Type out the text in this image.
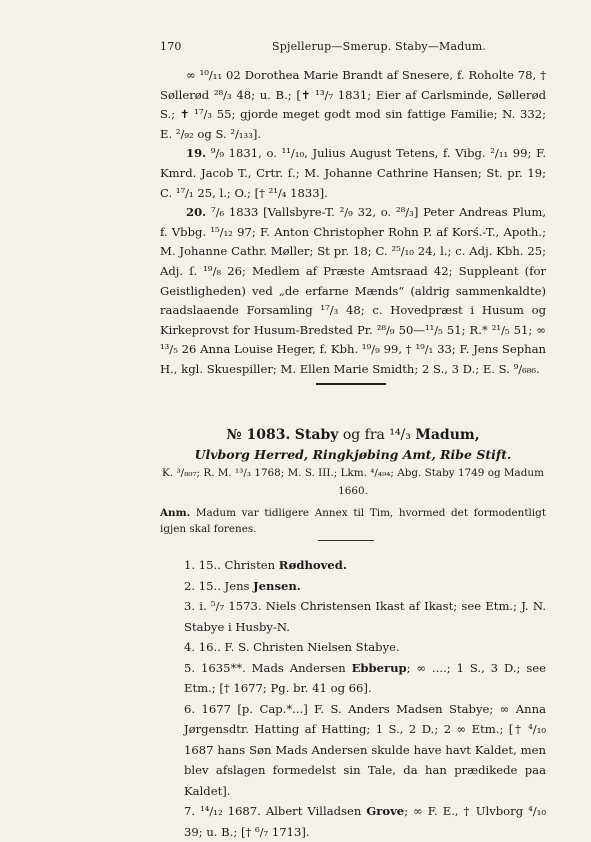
170	Spjellerup—Smerup. Staby—Madum.

∞ ¹⁰/₁₁ 02 Dorothea Marie Brandt af Snesere, f. Roholte 78, † Søllerød ²⁸/₃ 48; u. B.; [✝ ¹³/₇ 1831; Eier af Carlsminde, Søllerød S.; ✝ ¹⁷/₃ 55; gjorde meget godt mod sin fattige Familie; N. 332; E. ²/₉₂ og S. ²/₁₃₃].

19. ⁹/₉ 1831, o. ¹¹/₁₀, Julius August Tetens, f. Vibg. ²/₁₁ 99; F. Kmrd. Jacob T., Crtr. ſ.; M. Johanne Cathrine Hansen; St. pr. 19; C. ¹⁷/₁ 25, l.; O.; [† ²¹/₄ 1833].

20. ⁷/₆ 1833 [Vallsbyre-T. ²/₉ 32, o. ²⁸/₃] Peter Andreas Plum, f. Vbbg. ¹⁵/₁₂ 97; F. Anton Christopher Rohn P. af Korś.-T., Apoth.; M. Johanne Cathr. Møller; St pr. 18; C. ²⁵/₁₀ 24, l.; c. Adj. Kbh. 25; Adj. ſ. ¹⁹/₈ 26; Medlem af Præste Amtsraad 42; Suppleant (for Geistligheden) ved „de erfarne Mænds“ (aldrig sammenkaldte) raadslaaende Forsamling ¹⁷/₃ 48; c. Hovedpræst i Husum og Kirkeprovst for Husum-Bredsted Pr. ²⁸/₉ 50—¹¹/₅ 51; R.* ²¹/₅ 51; ∞ ¹³/₅ 26 Anna Louise Heger, f. Kbh. ¹⁹/₉ 99, † ¹⁹/₁ 33; F. Jens Sephan H., kgl. Skuespiller; M. Ellen Marie Smidth; 2 S., 3 D.; E. S. ⁹/₆₈₆.

№ 1083. Staby og fra ¹⁴/₃ Madum,
Ulvborg Herred, Ringkjøbing Amt, Ribe Stift.
K. ³/₈₀₇; R. M. ¹³/₃ 1768; M. S. III.; Lkm. ⁴/₄₉₄; Abg. Staby 1749 og Madum 1660.
Anm. Madum var tidligere Annex til Tim, hvormed det formodentligt igjen skal forenes.

1. 15.. Christen Rødhoved.

2. 15.. Jens Jensen.

3. i. ⁵/₇ 1573. Niels Christensen Ikast af Ikast; see Etm.; J. N. Stabye i Husby-N.

4. 16.. F. S. Christen Nielsen Stabye.

5. 1635**. Mads Andersen Ebberup; ∞ ....; 1 S., 3 D.; see Etm.; [† 1677; Pg. br. 41 og 66].

6. 1677 [p. Cap.*...] F. S. Anders Madsen Stabye; ∞ Anna Jørgensdtr. Hatting af Hatting; 1 S., 2 D.; 2 ∞ Etm.; [† ⁴/₁₀ 1687 hans Søn Mads Andersen skulde have havt Kaldet, men blev afslagen formedelst sin Tale, da han prædikede paa Kaldet].

7. ¹⁴/₁₂ 1687. Albert Villadsen Grove; ∞ F. E., † Ulvborg ⁴/₁₀ 39; u. B.; [† ⁶/₇ 1713].
